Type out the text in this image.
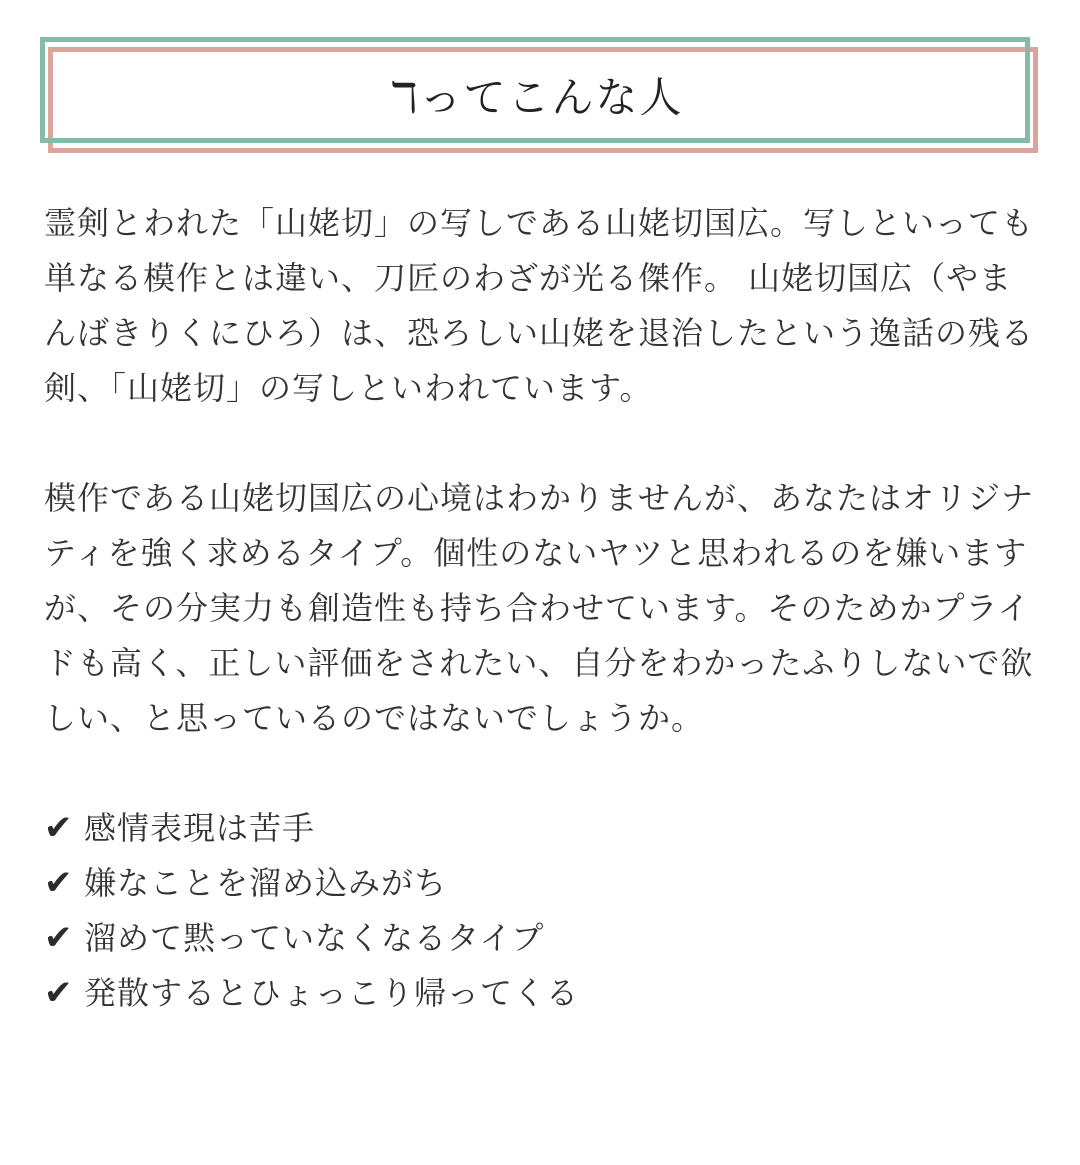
ℸってこんな人

霊剣とわれた「山姥切」の写しである山姥切国広。写しといっても単なる模作とは違い、刀匠のわざが光る傑作。 山姥切国広（やまんばきりくにひろ）は、恐ろしい山姥を退治したという逸話の残る剣、「山姥切」の写しといわれています。

模作である山姥切国広の心境はわかりませんが、あなたはオリジナティを強く求めるタイプ。個性のないヤツと思われるのを嫌いますが、その分実力も創造性も持ち合わせています。そのためかプライドも高く、正しい評価をされたい、自分をわかったふりしないで欲しい、と思っているのではないでしょうか。

✔ 感情表現は苦手
✔ 嫌なことを溜め込みがち
✔ 溜めて黙っていなくなるタイプ
✔ 発散するとひょっこり帰ってくる
